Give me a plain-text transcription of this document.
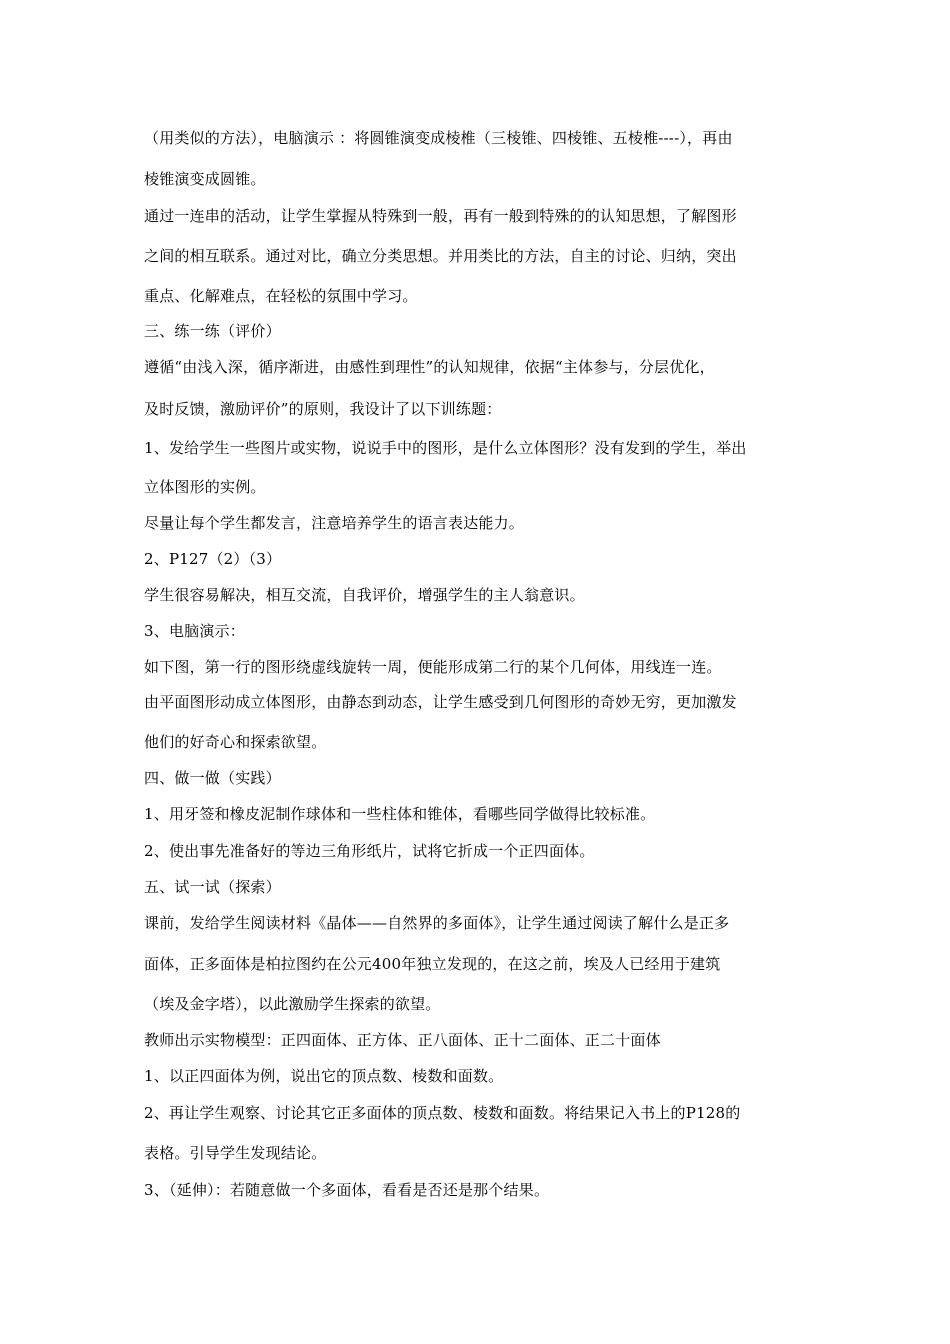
（用类似的方法），电脑演示 ：将圆锥演变成棱椎（三棱锥、四棱锥、五棱椎----），再由
棱锥演变成圆锥。
通过一连串的活动，让学生掌握从特殊到一般，再有一般到特殊的的认知思想，了解图形
之间的相互联系。通过对比，确立分类思想。并用类比的方法，自主的讨论、归纳，突出
重点、化解难点，在轻松的氛围中学习。
三、练一练（评价）
遵循“由浅入深，循序渐进，由感性到理性”的认知规律，依据“主体参与，分层优化，
及时反馈，激励评价”的原则，我设计了以下训练题：
1、发给学生一些图片或实物，说说手中的图形，是什么立体图形？没有发到的学生，举出
立体图形的实例。
尽量让每个学生都发言，注意培养学生的语言表达能力。
2、P127（2）（3）
学生很容易解决，相互交流，自我评价，增强学生的主人翁意识。
3、电脑演示：
如下图，第一行的图形绕虚线旋转一周，便能形成第二行的某个几何体，用线连一连。
由平面图形动成立体图形，由静态到动态，让学生感受到几何图形的奇妙无穷，更加激发
他们的好奇心和探索欲望。
四、做一做（实践）
1、用牙签和橡皮泥制作球体和一些柱体和锥体，看哪些同学做得比较标准。
2、使出事先准备好的等边三角形纸片，试将它折成一个正四面体。
五、试一试（探索）
课前，发给学生阅读材料《晶体——自然界的多面体》，让学生通过阅读了解什么是正多
面体，正多面体是柏拉图约在公元400年独立发现的，在这之前，埃及人已经用于建筑
（埃及金字塔），以此激励学生探索的欲望。
教师出示实物模型：正四面体、正方体、正八面体、正十二面体、正二十面体
1、以正四面体为例，说出它的顶点数、棱数和面数。
2、再让学生观察、讨论其它正多面体的顶点数、棱数和面数。将结果记入书上的P128的
表格。引导学生发现结论。
3、（延伸）：若随意做一个多面体，看看是否还是那个结果。
